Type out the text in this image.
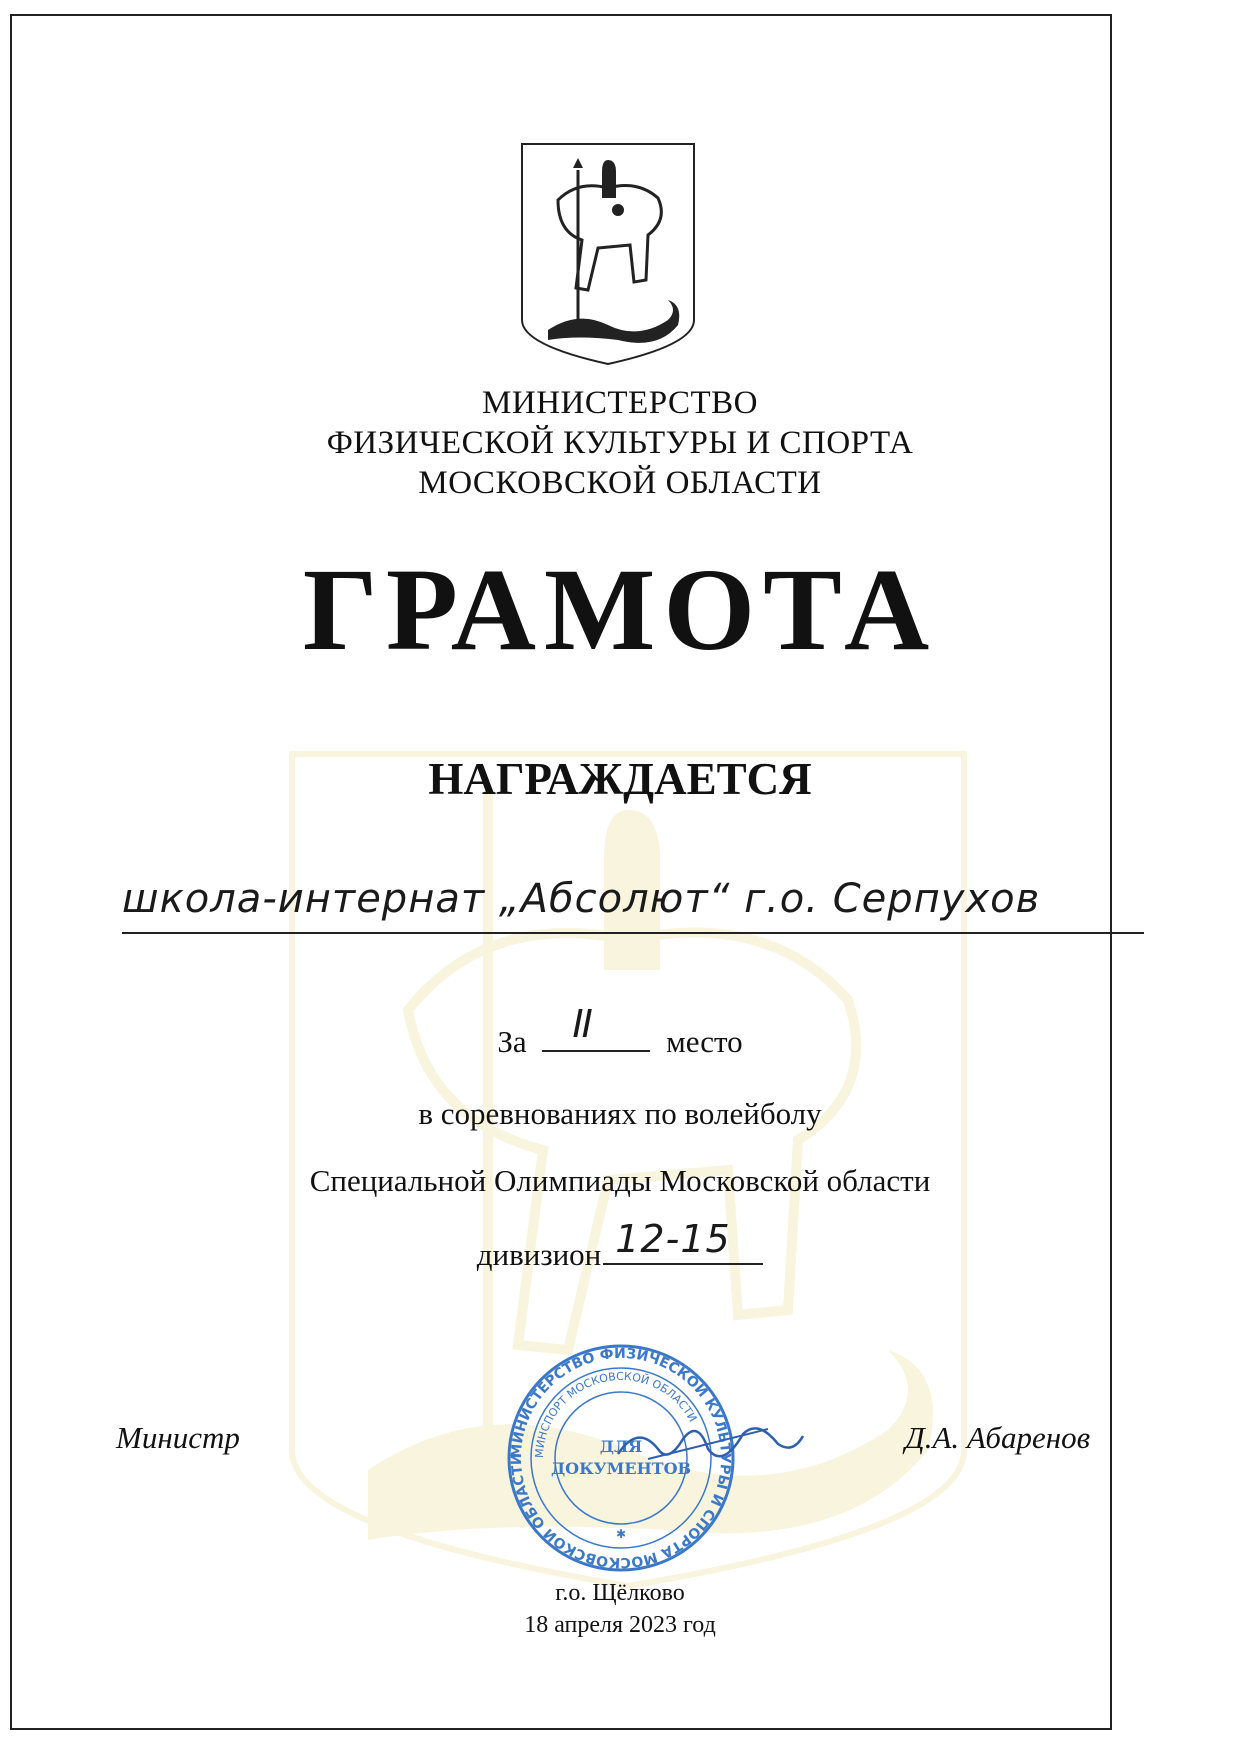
МИНИСТЕРСТВО
ФИЗИЧЕСКОЙ КУЛЬТУРЫ И СПОРТА
МОСКОВСКОЙ ОБЛАСТИ
ГРАМОТА
НАГРАЖДАЕТСЯ
школа-интернат „Абсолют“ г.о. Серпухов
За II место
в соревнованиях по волейболу
Специальной Олимпиады Московской области
дивизион 12-15
Министр	Д.А. Абаренов
МИНИСТЕРСТВО ФИЗИЧЕСКОЙ КУЛЬТУРЫ И СПОРТА МОСКОВСКОЙ ОБЛАСТИ
МИНСПОРТ МОСКОВСКОЙ ОБЛАСТИ
ДЛЯ
ДОКУМЕНТОВ
✱
г.о. Щёлково
18 апреля 2023 год
